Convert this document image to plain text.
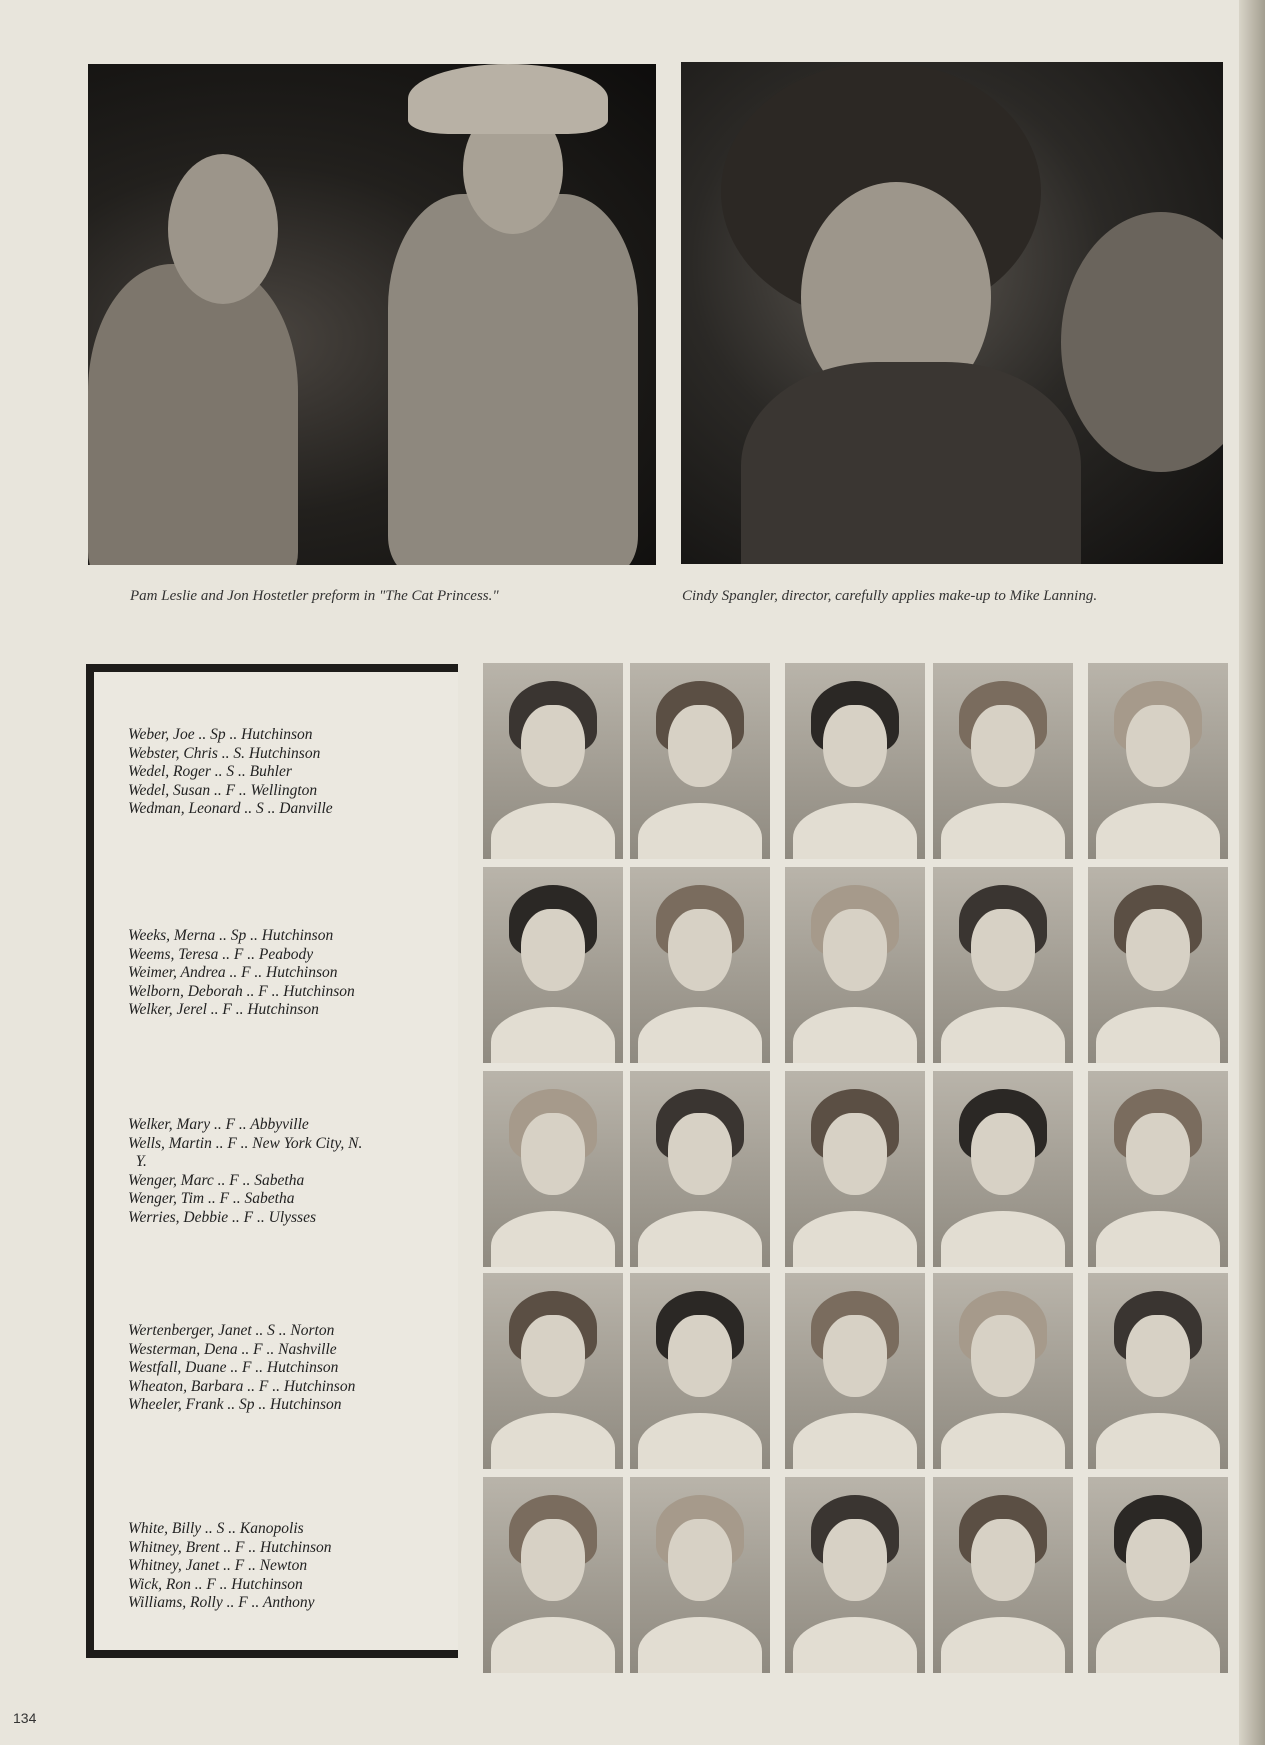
Pam Leslie and Jon Hostetler preform in "The Cat Princess."	Cindy Spangler, director, carefully applies make-up to Mike Lanning.
Weber, Joe .. Sp .. Hutchinson
Webster, Chris .. S. Hutchinson
Wedel, Roger .. S .. Buhler
Wedel, Susan .. F .. Wellington
Wedman, Leonard .. S .. Danville
Weeks, Merna .. Sp .. Hutchinson
Weems, Teresa .. F .. Peabody
Weimer, Andrea .. F .. Hutchinson
Welborn, Deborah .. F .. Hutchinson
Welker, Jerel .. F .. Hutchinson
Welker, Mary .. F .. Abbyville
Wells, Martin .. F .. New York City, N.
Y.
Wenger, Marc .. F .. Sabetha
Wenger, Tim .. F .. Sabetha
Werries, Debbie .. F .. Ulysses
Wertenberger, Janet .. S .. Norton
Westerman, Dena .. F .. Nashville
Westfall, Duane .. F .. Hutchinson
Wheaton, Barbara .. F .. Hutchinson
Wheeler, Frank .. Sp .. Hutchinson
White, Billy .. S .. Kanopolis
Whitney, Brent .. F .. Hutchinson
Whitney, Janet .. F .. Newton
Wick, Ron .. F .. Hutchinson
Williams, Rolly .. F .. Anthony
134
